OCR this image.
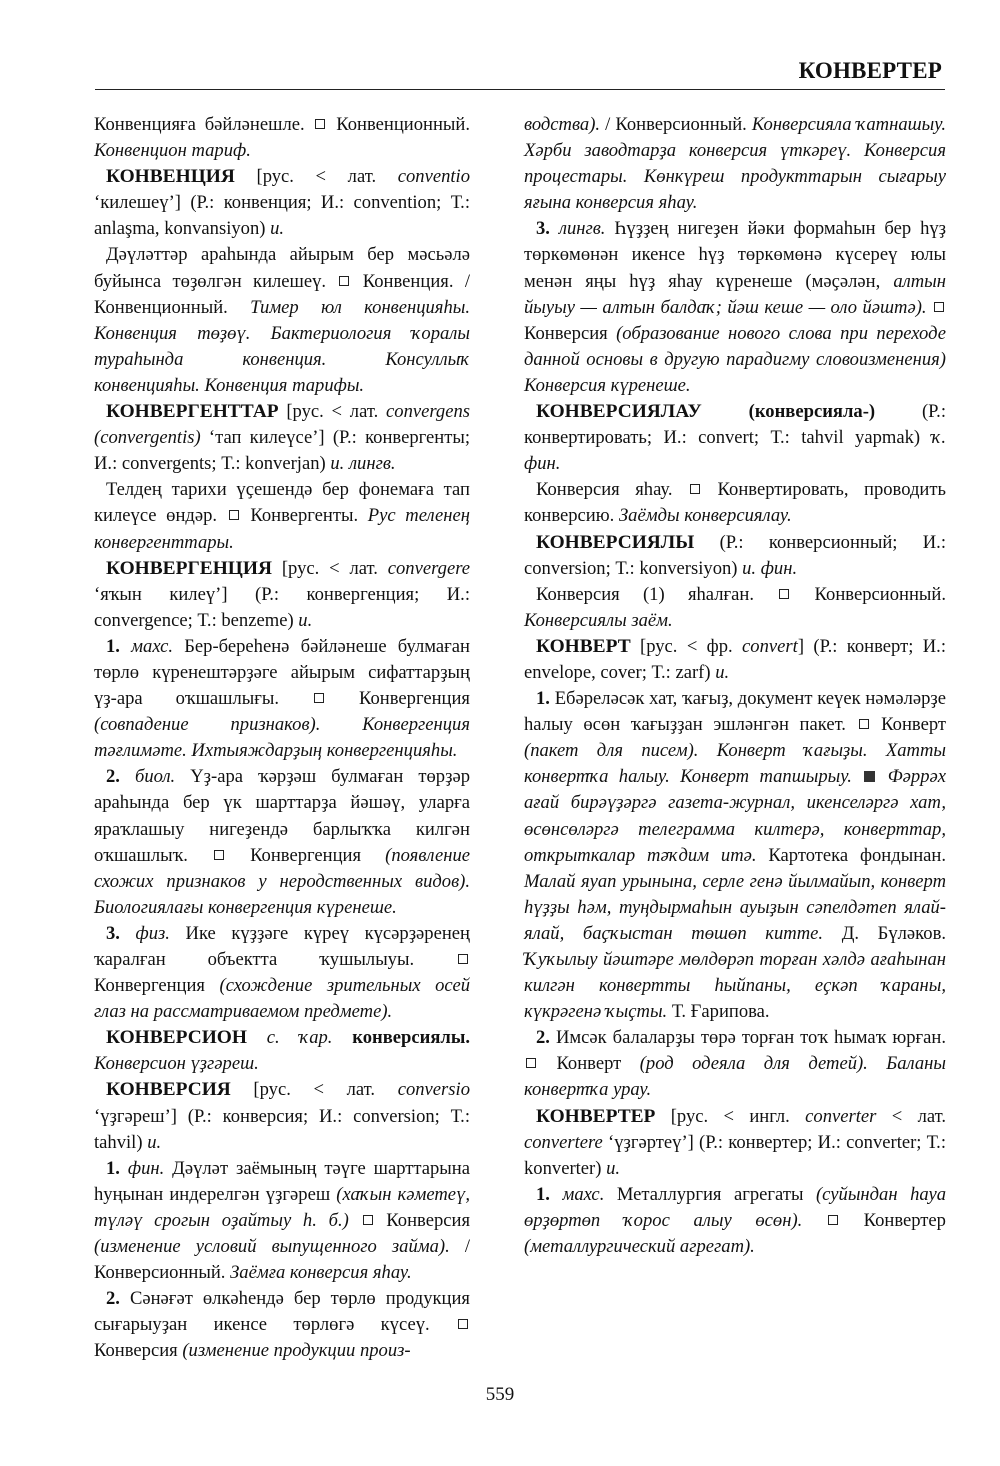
КОНВЕРТЕР

Конвенцияға бәйләнешле.  Конвенционный. Конвенцион тариф.

КОНВЕНЦИЯ [рус. < лат. conventio ‘килешеү’] (Р.: конвенция; И.: convention; Т.: anlaşma, konvansiyon) и.

Дәүләттәр араһында айырым бер мәсьәлә буйынса төҙөлгән килешеү.  Конвенция. / Конвенционный. Тимер юл конвенцияһы. Конвенция төҙөү. Бактериология ҡоралы тураһында конвенция. Консуллыҡ конвенцияһы. Конвенция тарифы.

КОНВЕРГЕНТТАР [рус. < лат. convergens (convergentis) ‘тап килеүсе’] (Р.: конвергенты; И.: convergents; Т.: konverjan) и. лингв.

Телдең тарихи үҫешендә бер фонемаға тап килеүсе өндәр.  Конвергенты. Рус теленең конвергенттары.

КОНВЕРГЕНЦИЯ [рус. < лат. convergere ‘яҡын килеү’] (Р.: конвергенция; И.: convergence; Т.: benzeme) и.

1. махс. Бер-береһенә бәйләнеше булмаған төрлө күренештәрҙәге айырым сифаттарҙың үҙ-ара оҡшашлығы.  Конвергенция (совпадение признаков). Конвергенция тәғлимәте. Ихтыяждарҙың конвергенцияһы.

2. биол. Үҙ-ара ҡәрҙәш булмаған төрҙәр араһында бер үк шарттарҙа йәшәү, уларға яраҡлашыу нигеҙендә барлыҡҡа килгән оҡшашлыҡ.  Конвергенция (появление схожих признаков у неродственных видов). Биологиялағы конвергенция күренеше.

3. физ. Ике күҙҙәге күреү күсәрҙәренең ҡаралған объектта ҡушылыуы.  Конвергенция (схождение зрительных осей глаз на рассматриваемом предмете).

КОНВЕРСИОН с. ҡар. конверсиялы. Конверсион үҙгәреш.

КОНВЕРСИЯ [рус. < лат. conversio ‘үҙгәреш’] (Р.: конверсия; И.: conversion; Т.: tahvil) и.

1. фин. Дәүләт заёмының тәүге шарттарына һуңынан индерелгән үҙгәреш (хаҡын кәметеү, түләү срогын оҙайтыу һ. б.)  Конверсия (изменение условий выпущенного займа). / Конверсионный. Заёмға конверсия яһау.

2. Сәнәғәт өлкәһендә бер төрлө продукция сығарыуҙан икенсе төрлөгә күсеү.  Конверсия (изменение продукции произ-

водства). / Конверсионный. Конверсияла ҡатнашыу. Хәрби заводтарҙа конверсия үткәреү. Конверсия процестары. Көнкүреш продукттарын сығарыу яғына конверсия яһау.

3. лингв. Һүҙҙең нигеҙен йәки формаһын бер һүҙ төркөмөнән икенсе һүҙ төркөмөнә күсереү юлы менән яңы һүҙ яһау күренеше (мәҫәлән, алтын йыуыу — алтын балдаҡ; йәш кеше — оло йәштә).  Конверсия (образование нового слова при переходе данной основы в другую парадигму словоизменения) Конверсия күренеше.

КОНВЕРСИЯЛАУ	(конверсияла-) (Р.: конвертировать; И.: convert; Т.: tahvil yapmak) ҡ. фин.

Конверсия яһау.  Конвертировать, проводить конверсию. Заёмды конверсиялау.

КОНВЕРСИЯЛЫ (Р.: конверсионный; И.: conversion; Т.: konversiyon) и. фин.

Конверсия (1) яһалған.  Конверсионный. Конверсиялы заём.

КОНВЕРТ [рус. < фр. convert] (Р.: конверт; И.: envelope, cover; Т.: zarf) и.

1. Ебәреләсәк хат, ҡағыҙ, документ кеүек нәмәләрҙе һалыу өсөн ҡағыҙҙан эшләнгән пакет.  Конверт (пакет для писем). Конверт ҡағыҙы. Хатты конвертҡа һалыу. Конверт тапшырыу. Фәррәх ағай бирәүҙәргә газета-журнал, икенселәргә хат, өсөнсөләргә телеграмма килтерә, конверттар, открыткалар тәҡдим итә. Картотека фондынан. Малай яуап урынына, серле генә йылмайып, конверт һүҙҙы һәм, туңдырмаһын ауыҙын сәпелдәтеп ялай-ялай, баҫҡыстан төшөп китте. Д. Бүләков. Ҡуҡылыу йәштәре мөлдөрәп торған хәлдә ағаһынан килгән конвертты һыйпаны, еҫкәп ҡараны, күкрәгенә ҡыҫты. Т. Ғарипова.

2. Имсәк балаларҙы төрә торған тоҡ һымаҡ юрған.  Конверт (род одеяла для детей). Баланы конвертҡа урау.

КОНВЕРТЕР [рус. < ингл. converter < лат. convertere ‘үҙгәртеү’] (Р.: конвертер; И.: converter; Т.: konverter) и.

1. махс. Металлургия агрегаты (суйындан һауа өрҙөртөп ҡорос алыу өсөн).  Конвертер (металлургический агрегат).

559
